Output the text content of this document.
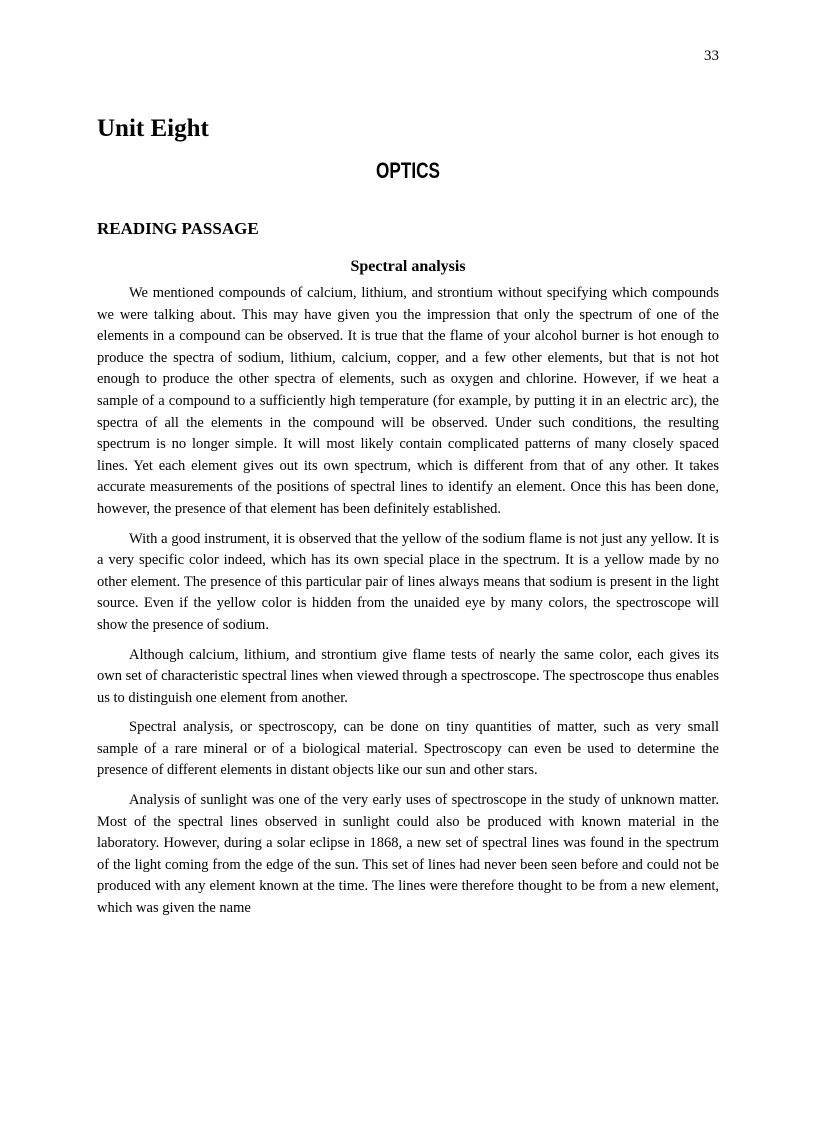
33

Unit Eight
OPTICS
READING PASSAGE
Spectral analysis

We mentioned compounds of calcium, lithium, and strontium without specifying which compounds we were talking about. This may have given you the impression that only the spectrum of one of the elements in a compound can be observed. It is true that the flame of your alcohol burner is hot enough to produce the spectra of sodium, lithium, calcium, copper, and a few other elements, but that is not hot enough to produce the other spectra of elements, such as oxygen and chlorine. However, if we heat a sample of a compound to a sufficiently high temperature (for example, by putting it in an electric arc), the spectra of all the elements in the compound will be observed. Under such conditions, the resulting spectrum is no longer simple. It will most likely contain complicated patterns of many closely spaced lines. Yet each element gives out its own spectrum, which is different from that of any other. It takes accurate measurements of the positions of spectral lines to identify an element. Once this has been done, however, the presence of that element has been definitely established.

With a good instrument, it is observed that the yellow of the sodium flame is not just any yellow. It is a very specific color indeed, which has its own special place in the spectrum. It is a yellow made by no other element. The presence of this particular pair of lines always means that sodium is present in the light source. Even if the yellow color is hidden from the unaided eye by many colors, the spectroscope will show the presence of sodium.

Although calcium, lithium, and strontium give flame tests of nearly the same color, each gives its own set of characteristic spectral lines when viewed through a spectroscope. The spectroscope thus enables us to distinguish one element from another.

Spectral analysis, or spectroscopy, can be done on tiny quantities of matter, such as very small sample of a rare mineral or of a biological material. Spectroscopy can even be used to determine the presence of different elements in distant objects like our sun and other stars.

Analysis of sunlight was one of the very early uses of spectroscope in the study of unknown matter. Most of the spectral lines observed in sunlight could also be produced with known material in the laboratory. However, during a solar eclipse in 1868, a new set of spectral lines was found in the spectrum of the light coming from the edge of the sun. This set of lines had never been seen before and could not be produced with any element known at the time. The lines were therefore thought to be from a new element, which was given the name
